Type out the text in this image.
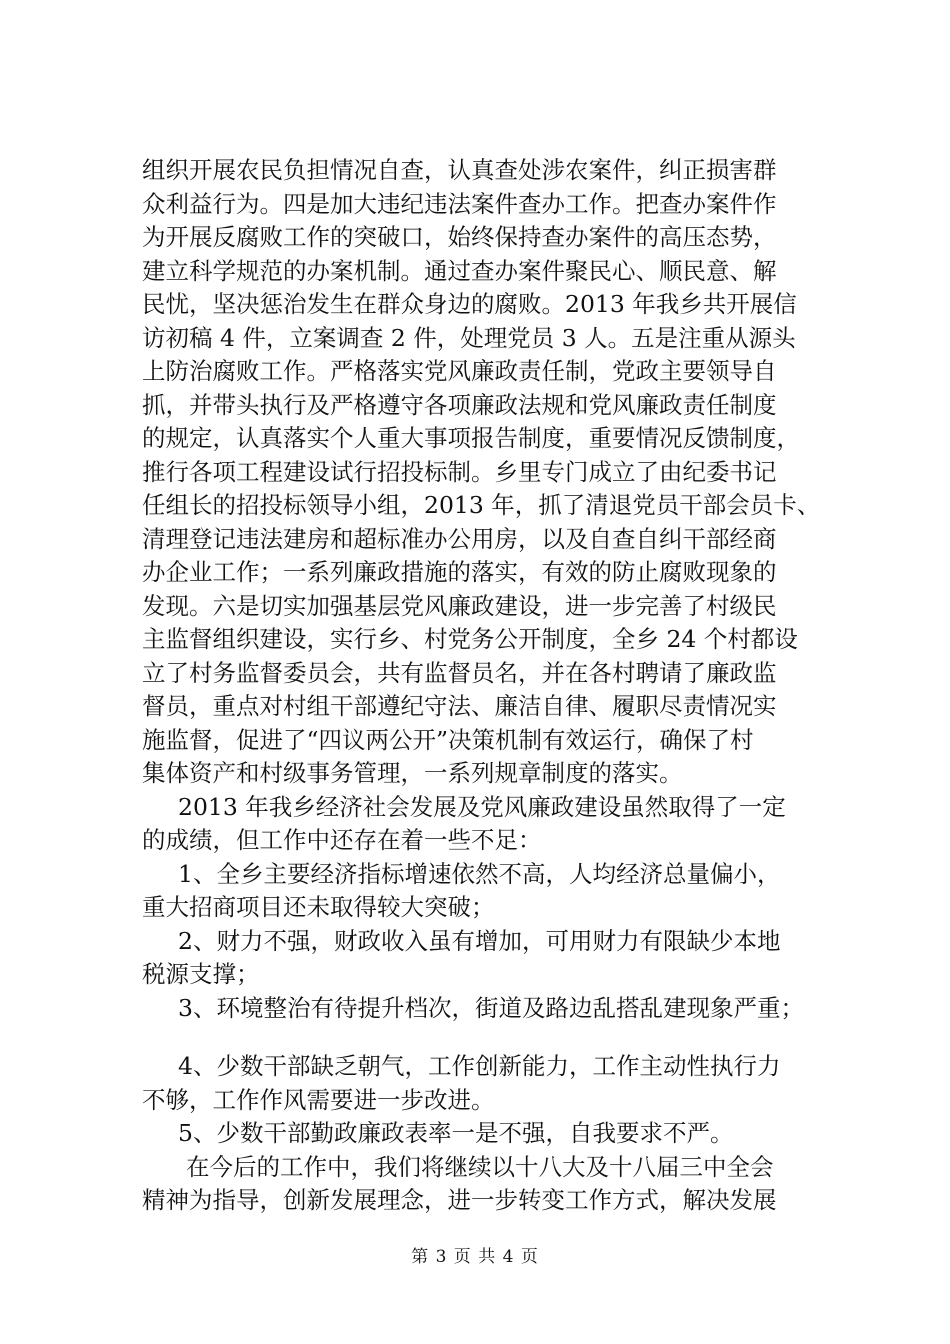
组织开展农民负担情况自查，认真查处涉农案件，纠正损害群
众利益行为。四是加大违纪违法案件查办工作。把查办案件作
为开展反腐败工作的突破口，始终保持查办案件的高压态势，
建立科学规范的办案机制。通过查办案件聚民心、顺民意、解
民忧，坚决惩治发生在群众身边的腐败。2013 年我乡共开展信
访初稿 4 件，立案调查 2 件，处理党员 3 人。五是注重从源头
上防治腐败工作。严格落实党风廉政责任制，党政主要领导自
抓，并带头执行及严格遵守各项廉政法规和党风廉政责任制度
的规定，认真落实个人重大事项报告制度，重要情况反馈制度，
推行各项工程建设试行招投标制。乡里专门成立了由纪委书记
任组长的招投标领导小组，2013 年，抓了清退党员干部会员卡、
清理登记违法建房和超标准办公用房，以及自查自纠干部经商
办企业工作；一系列廉政措施的落实，有效的防止腐败现象的
发现。六是切实加强基层党风廉政建设，进一步完善了村级民
主监督组织建设，实行乡、村党务公开制度，全乡 24 个村都设
立了村务监督委员会，共有监督员名，并在各村聘请了廉政监
督员，重点对村组干部遵纪守法、廉洁自律、履职尽责情况实
施监督，促进了“四议两公开”决策机制有效运行，确保了村
集体资产和村级事务管理，一系列规章制度的落实。
2013 年我乡经济社会发展及党风廉政建设虽然取得了一定
的成绩，但工作中还存在着一些不足：
1、全乡主要经济指标增速依然不高，人均经济总量偏小，
重大招商项目还未取得较大突破；
2、财力不强，财政收入虽有增加，可用财力有限缺少本地
税源支撑；
3、环境整治有待提升档次，街道及路边乱搭乱建现象严重；
4、少数干部缺乏朝气，工作创新能力，工作主动性执行力
不够，工作作风需要进一步改进。
5、少数干部勤政廉政表率一是不强，自我要求不严。
在今后的工作中，我们将继续以十八大及十八届三中全会
精神为指导，创新发展理念，进一步转变工作方式，解决发展
第 3 页 共 4 页
